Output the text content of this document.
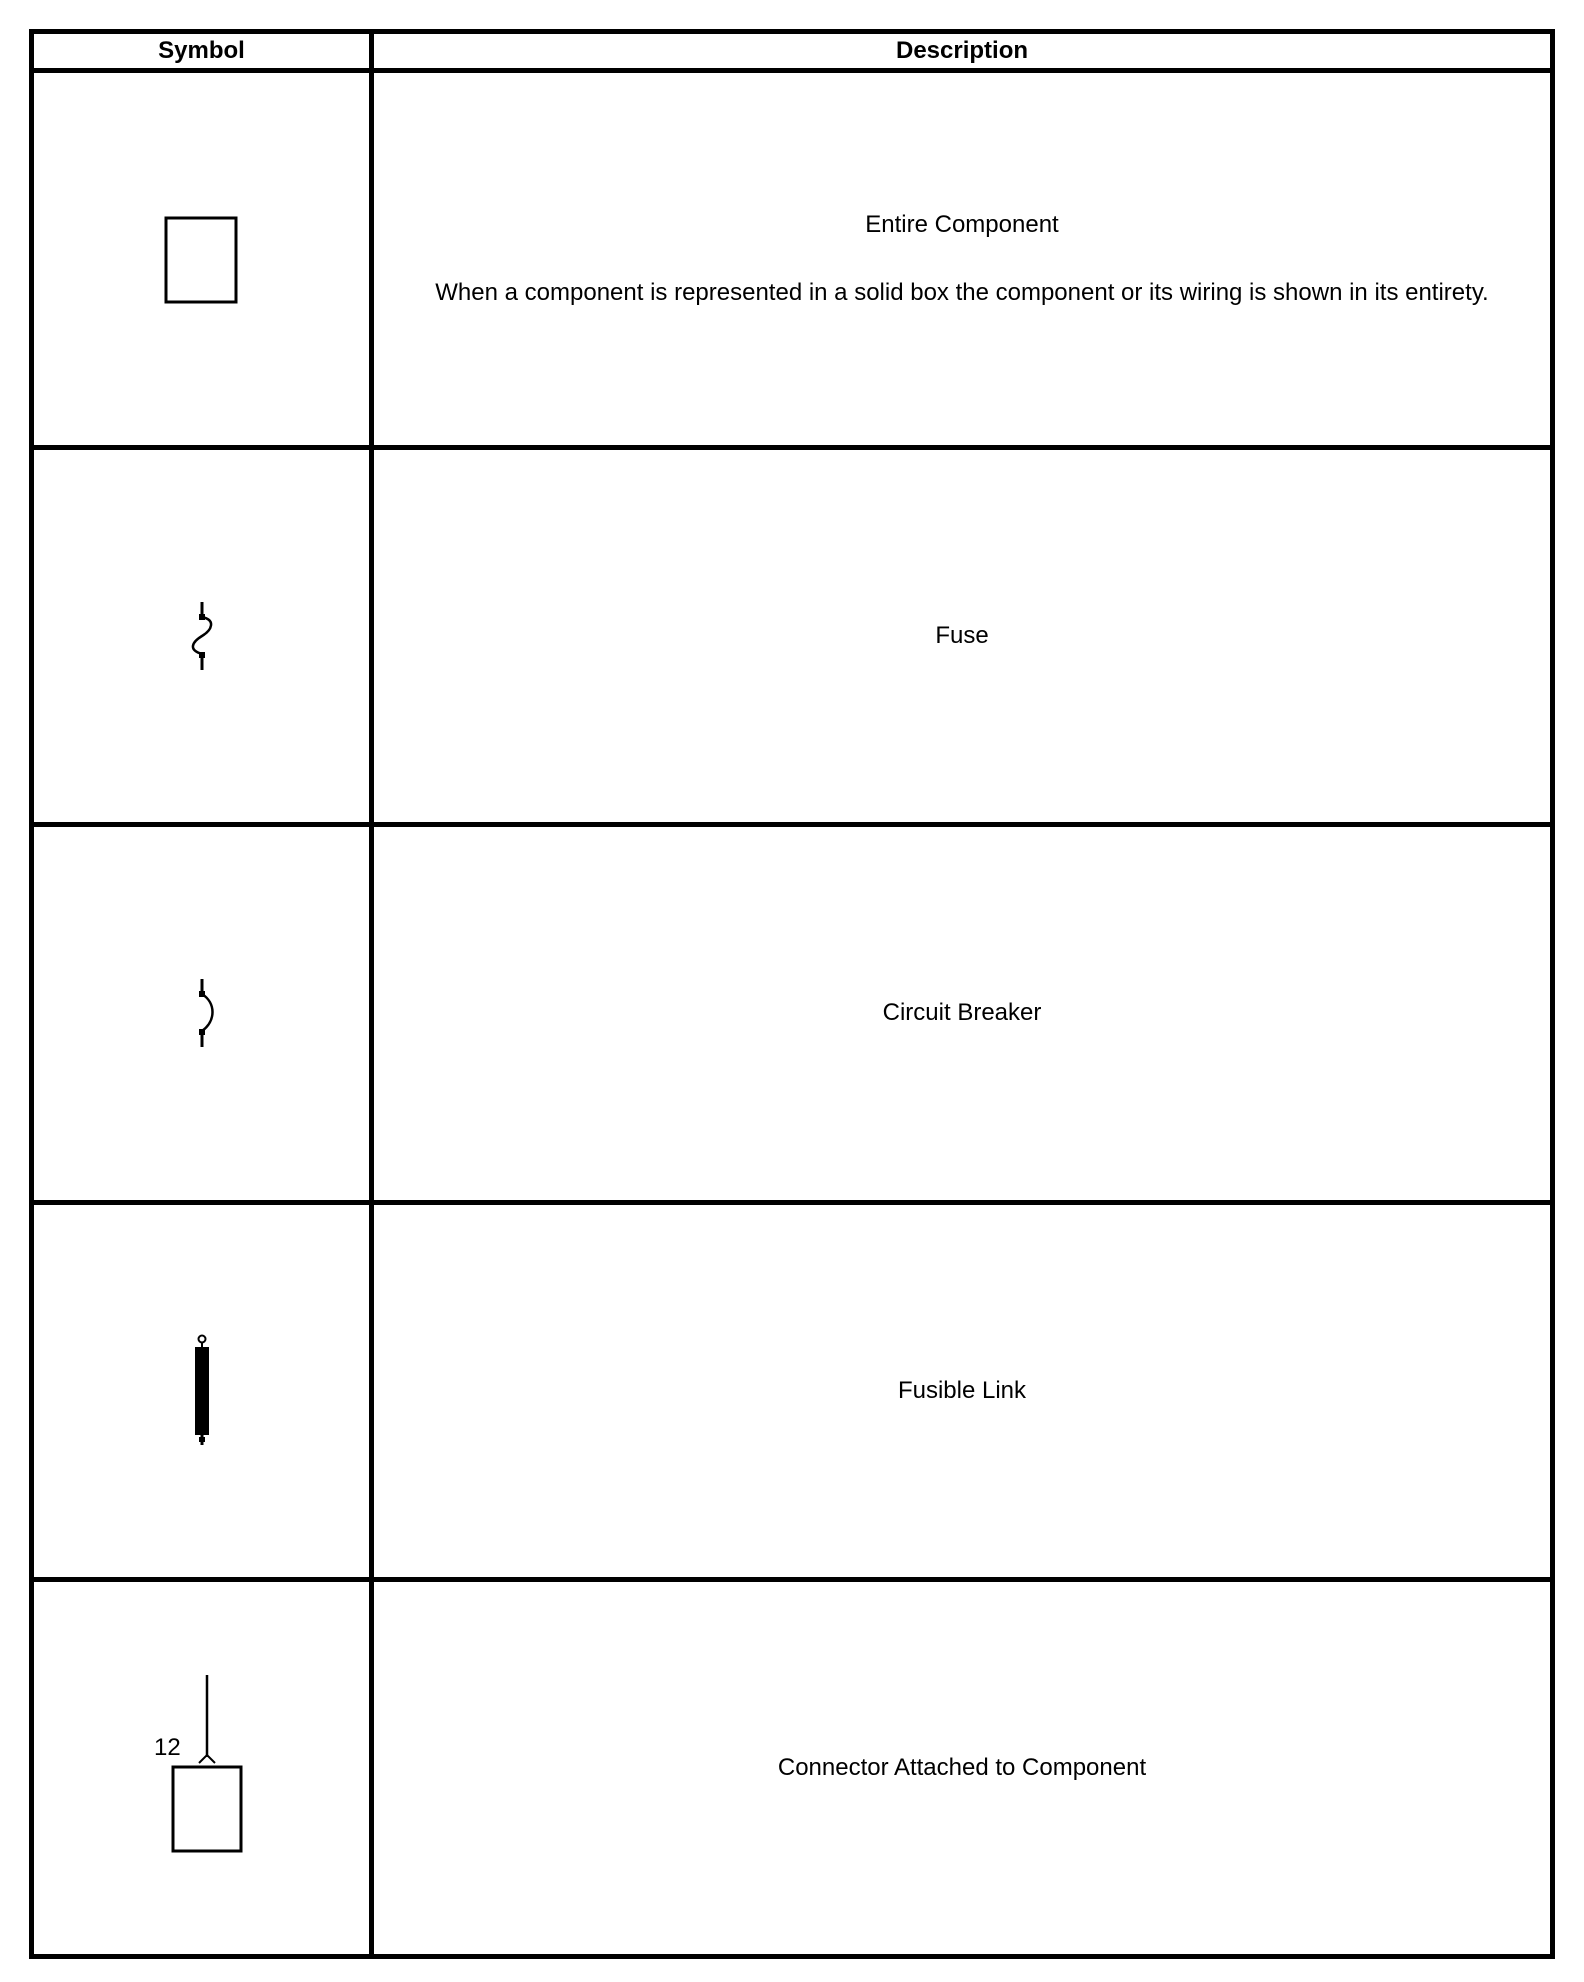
Symbol	Description

Entire Component
When a component is represented in a solid box the component or its wiring is shown in its entirety.

Fuse

Circuit Breaker

Fusible Link

12	Connector Attached to Component
